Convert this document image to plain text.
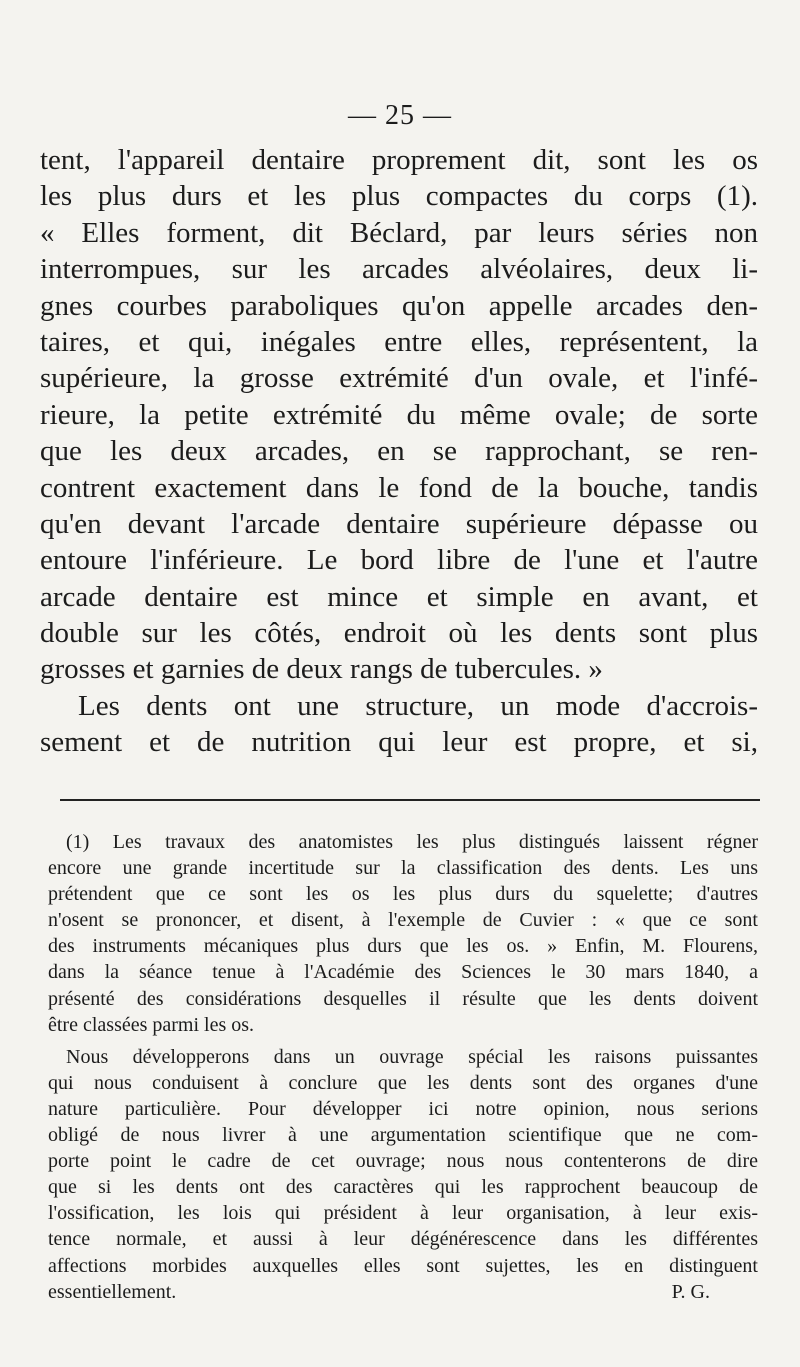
— 25 —
tent, l'appareil dentaire proprement dit, sont les os
les plus durs et les plus compactes du corps (1).
« Elles forment, dit Béclard, par leurs séries non
interrompues, sur les arcades alvéolaires, deux li-
gnes courbes paraboliques qu'on appelle arcades den-
taires, et qui, inégales entre elles, représentent, la
supérieure, la grosse extrémité d'un ovale, et l'infé-
rieure, la petite extrémité du même ovale; de sorte
que les deux arcades, en se rapprochant, se ren-
contrent exactement dans le fond de la bouche, tandis
qu'en devant l'arcade dentaire supérieure dépasse ou
entoure l'inférieure. Le bord libre de l'une et l'autre
arcade dentaire est mince et simple en avant, et
double sur les côtés, endroit où les dents sont plus
grosses et garnies de deux rangs de tubercules. »
Les dents ont une structure, un mode d'accrois-
sement et de nutrition qui leur est propre, et si,
(1) Les travaux des anatomistes les plus distingués laissent régner
encore une grande incertitude sur la classification des dents. Les uns
prétendent que ce sont les os les plus durs du squelette; d'autres
n'osent se prononcer, et disent, à l'exemple de Cuvier : « que ce sont
des instruments mécaniques plus durs que les os. » Enfin, M. Flourens,
dans la séance tenue à l'Académie des Sciences le 30 mars 1840, a
présenté des considérations desquelles il résulte que les dents doivent
être classées parmi les os.
Nous développerons dans un ouvrage spécial les raisons puissantes
qui nous conduisent à conclure que les dents sont des organes d'une
nature particulière. Pour développer ici notre opinion, nous serions
obligé de nous livrer à une argumentation scientifique que ne com-
porte point le cadre de cet ouvrage; nous nous contenterons de dire
que si les dents ont des caractères qui les rapprochent beaucoup de
l'ossification, les lois qui président à leur organisation, à leur exis-
tence normale, et aussi à leur dégénérescence dans les différentes
affections morbides auxquelles elles sont sujettes, les en distinguent
essentiellement.	P. G.
